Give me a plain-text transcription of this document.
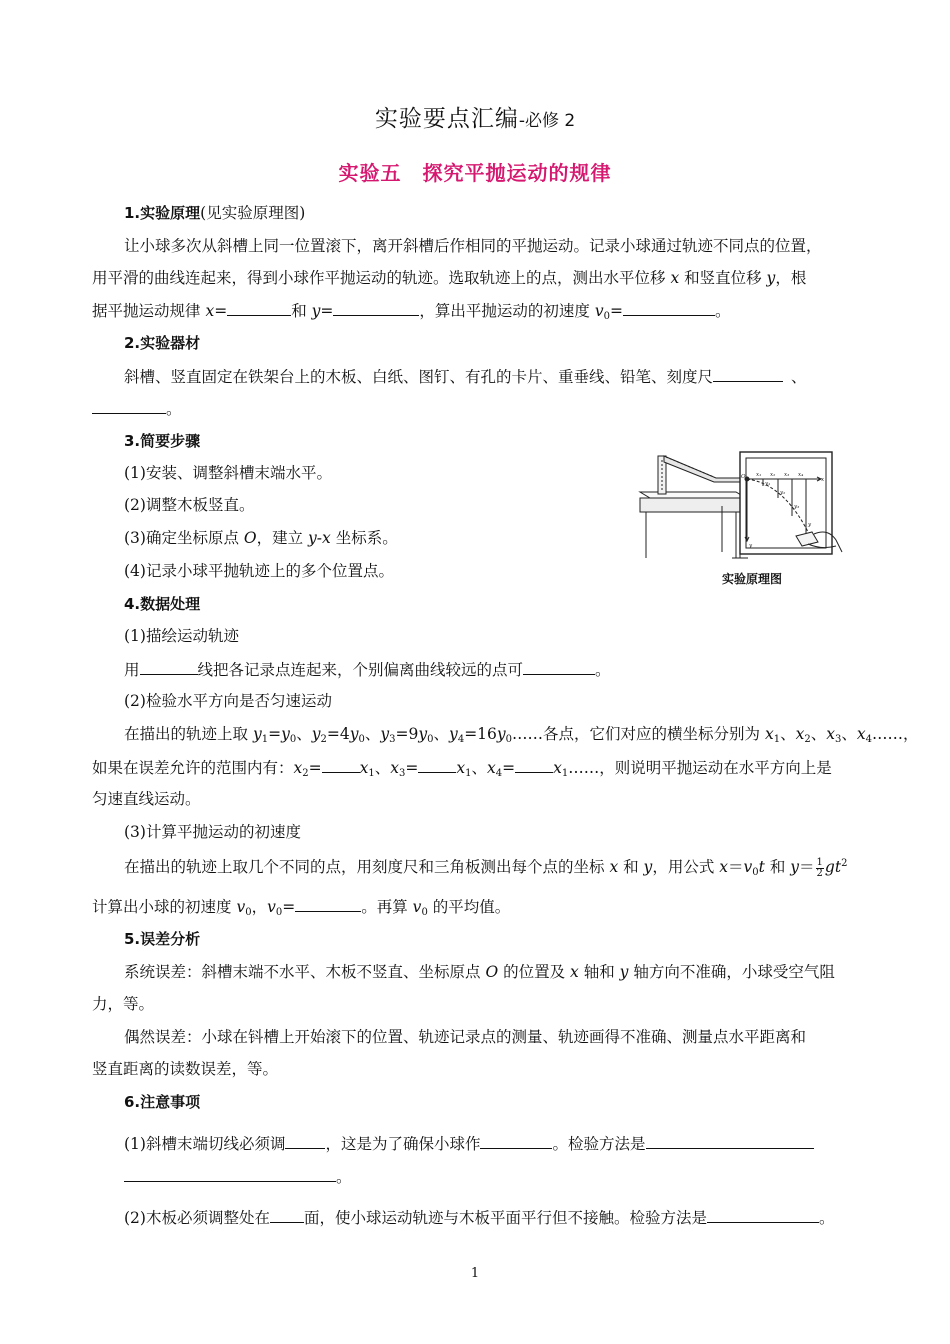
实验要点汇编-必修 2
实验五　探究平抛运动的规律
1.实验原理(见实验原理图)
让小球多次从斜槽上同一位置滚下，离开斜槽后作相同的平抛运动。记录小球通过轨迹不同点的位置，
用平滑的曲线连起来，得到小球作平抛运动的轨迹。选取轨迹上的点，测出水平位移 x 和竖直位移 y，根
据平抛运动规律 x=	和 y=	，算出平抛运动的初速度 $v_0=$	。
2.实验器材
斜槽、竖直固定在铁架台上的木板、白纸、图钉、有孔的卡片、重垂线、铅笔、刻度尺	、
。
3.简要步骤
(1)安装、调整斜槽末端水平。
(2)调整木板竖直。
(3)确定坐标原点 O，建立 y-x 坐标系。
(4)记录小球平抛轨迹上的多个位置点。
x₁ x₂ x₃ x₄
x
y₁
y₂
y₃
y
y
O
实验原理图
4.数据处理
(1)描绘运动轨迹
用	线把各记录点连起来，个别偏离曲线较远的点可	。
(2)检验水平方向是否匀速运动
在描出的轨迹上取 $y_1=y_0$、$y_2=4y_0$、$y_3=9y_0$、$y_4=16y_0\dots\dots$各点，它们对应的横坐标分别为 $x_1$、$x_2$、$x_3$、$x_4\dots\dots$，
如果在误差允许的范围内有：$x_2= x_1$、$x_3= x_1$、$x_4=$ $x_1\dots\dots$，则说明平抛运动在水平方向上是
匀速直线运动。
(3)计算平抛运动的初速度
在描出的轨迹上取几个不同的点，用刻度尺和三角板测出每个点的坐标 x 和 y，用公式 $x=v_0t$ 和 $y= \frac{1}{2} gt^2$
计算出小球的初速度 $v_0$，$v_0=$	。再算 $v_0$ 的平均值。
5.误差分析
系统误差：斜槽末端不水平、木板不竖直、坐标原点 O 的位置及 x 轴和 y 轴方向不准确，小球受空气阻
力，等。
偶然误差：小球在钭槽上开始滚下的位置、轨迹记录点的测量、轨迹画得不准确、测量点水平距离和
竖直距离的读数误差，等。
6.注意事项
(1)斜槽末端切线必须调	，这是为了确保小球作	。检验方法是
。
(2)木板必须调整处在 面，使小球运动轨迹与木板平面平行但不接触。检验方法是	。
1
